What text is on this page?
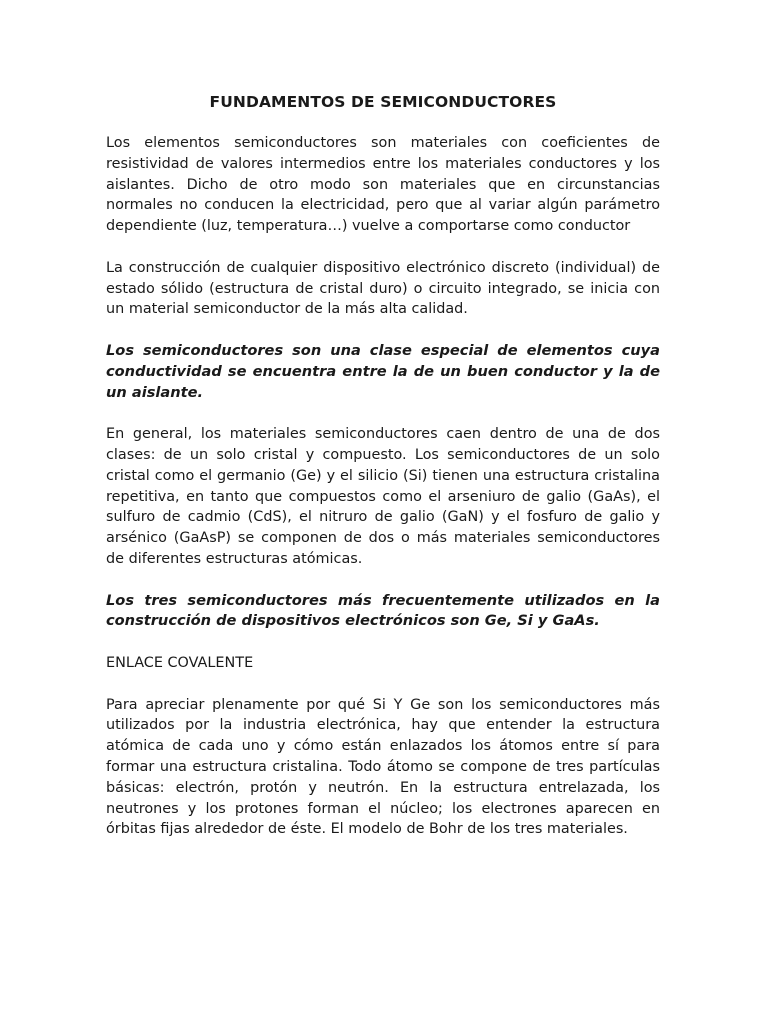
FUNDAMENTOS DE SEMICONDUCTORES

Los elementos semiconductores son materiales con coeficientes de resistividad de valores intermedios entre los materiales conductores y los aislantes. Dicho de otro modo son materiales que en circunstancias normales no conducen la electricidad, pero que al variar algún parámetro dependiente (luz, temperatura…) vuelve a comportarse como conductor

La construcción de cualquier dispositivo electrónico discreto (individual) de estado sólido (estructura de cristal duro) o circuito integrado, se inicia con un material semiconductor de la más alta calidad.

Los semiconductores son una clase especial de elementos cuya conductividad se encuentra entre la de un buen conductor y la de un aislante.

En general, los materiales semiconductores caen dentro de una de dos clases: de un solo cristal y compuesto. Los semiconductores de un solo cristal como el germanio (Ge) y el silicio (Si) tienen una estructura cristalina repetitiva, en tanto que compuestos como el arseniuro de galio (GaAs), el sulfuro de cadmio (CdS), el nitruro de galio (GaN) y el fosfuro de galio y arsénico (GaAsP) se componen de dos o más materiales semiconductores de diferentes estructuras atómicas.

Los tres semiconductores más frecuentemente utilizados en la construcción de dispositivos electrónicos son Ge, Si y GaAs.

ENLACE COVALENTE

Para apreciar plenamente por qué Si Y Ge son los semiconductores más utilizados por la industria electrónica, hay que entender la estructura atómica de cada uno y cómo están enlazados los átomos entre sí para formar una estructura cristalina. Todo átomo se compone de tres partículas básicas: electrón, protón y neutrón. En la estructura entrelazada, los neutrones y los protones forman el núcleo; los electrones aparecen en órbitas fijas alrededor de éste. El modelo de Bohr de los tres materiales.
